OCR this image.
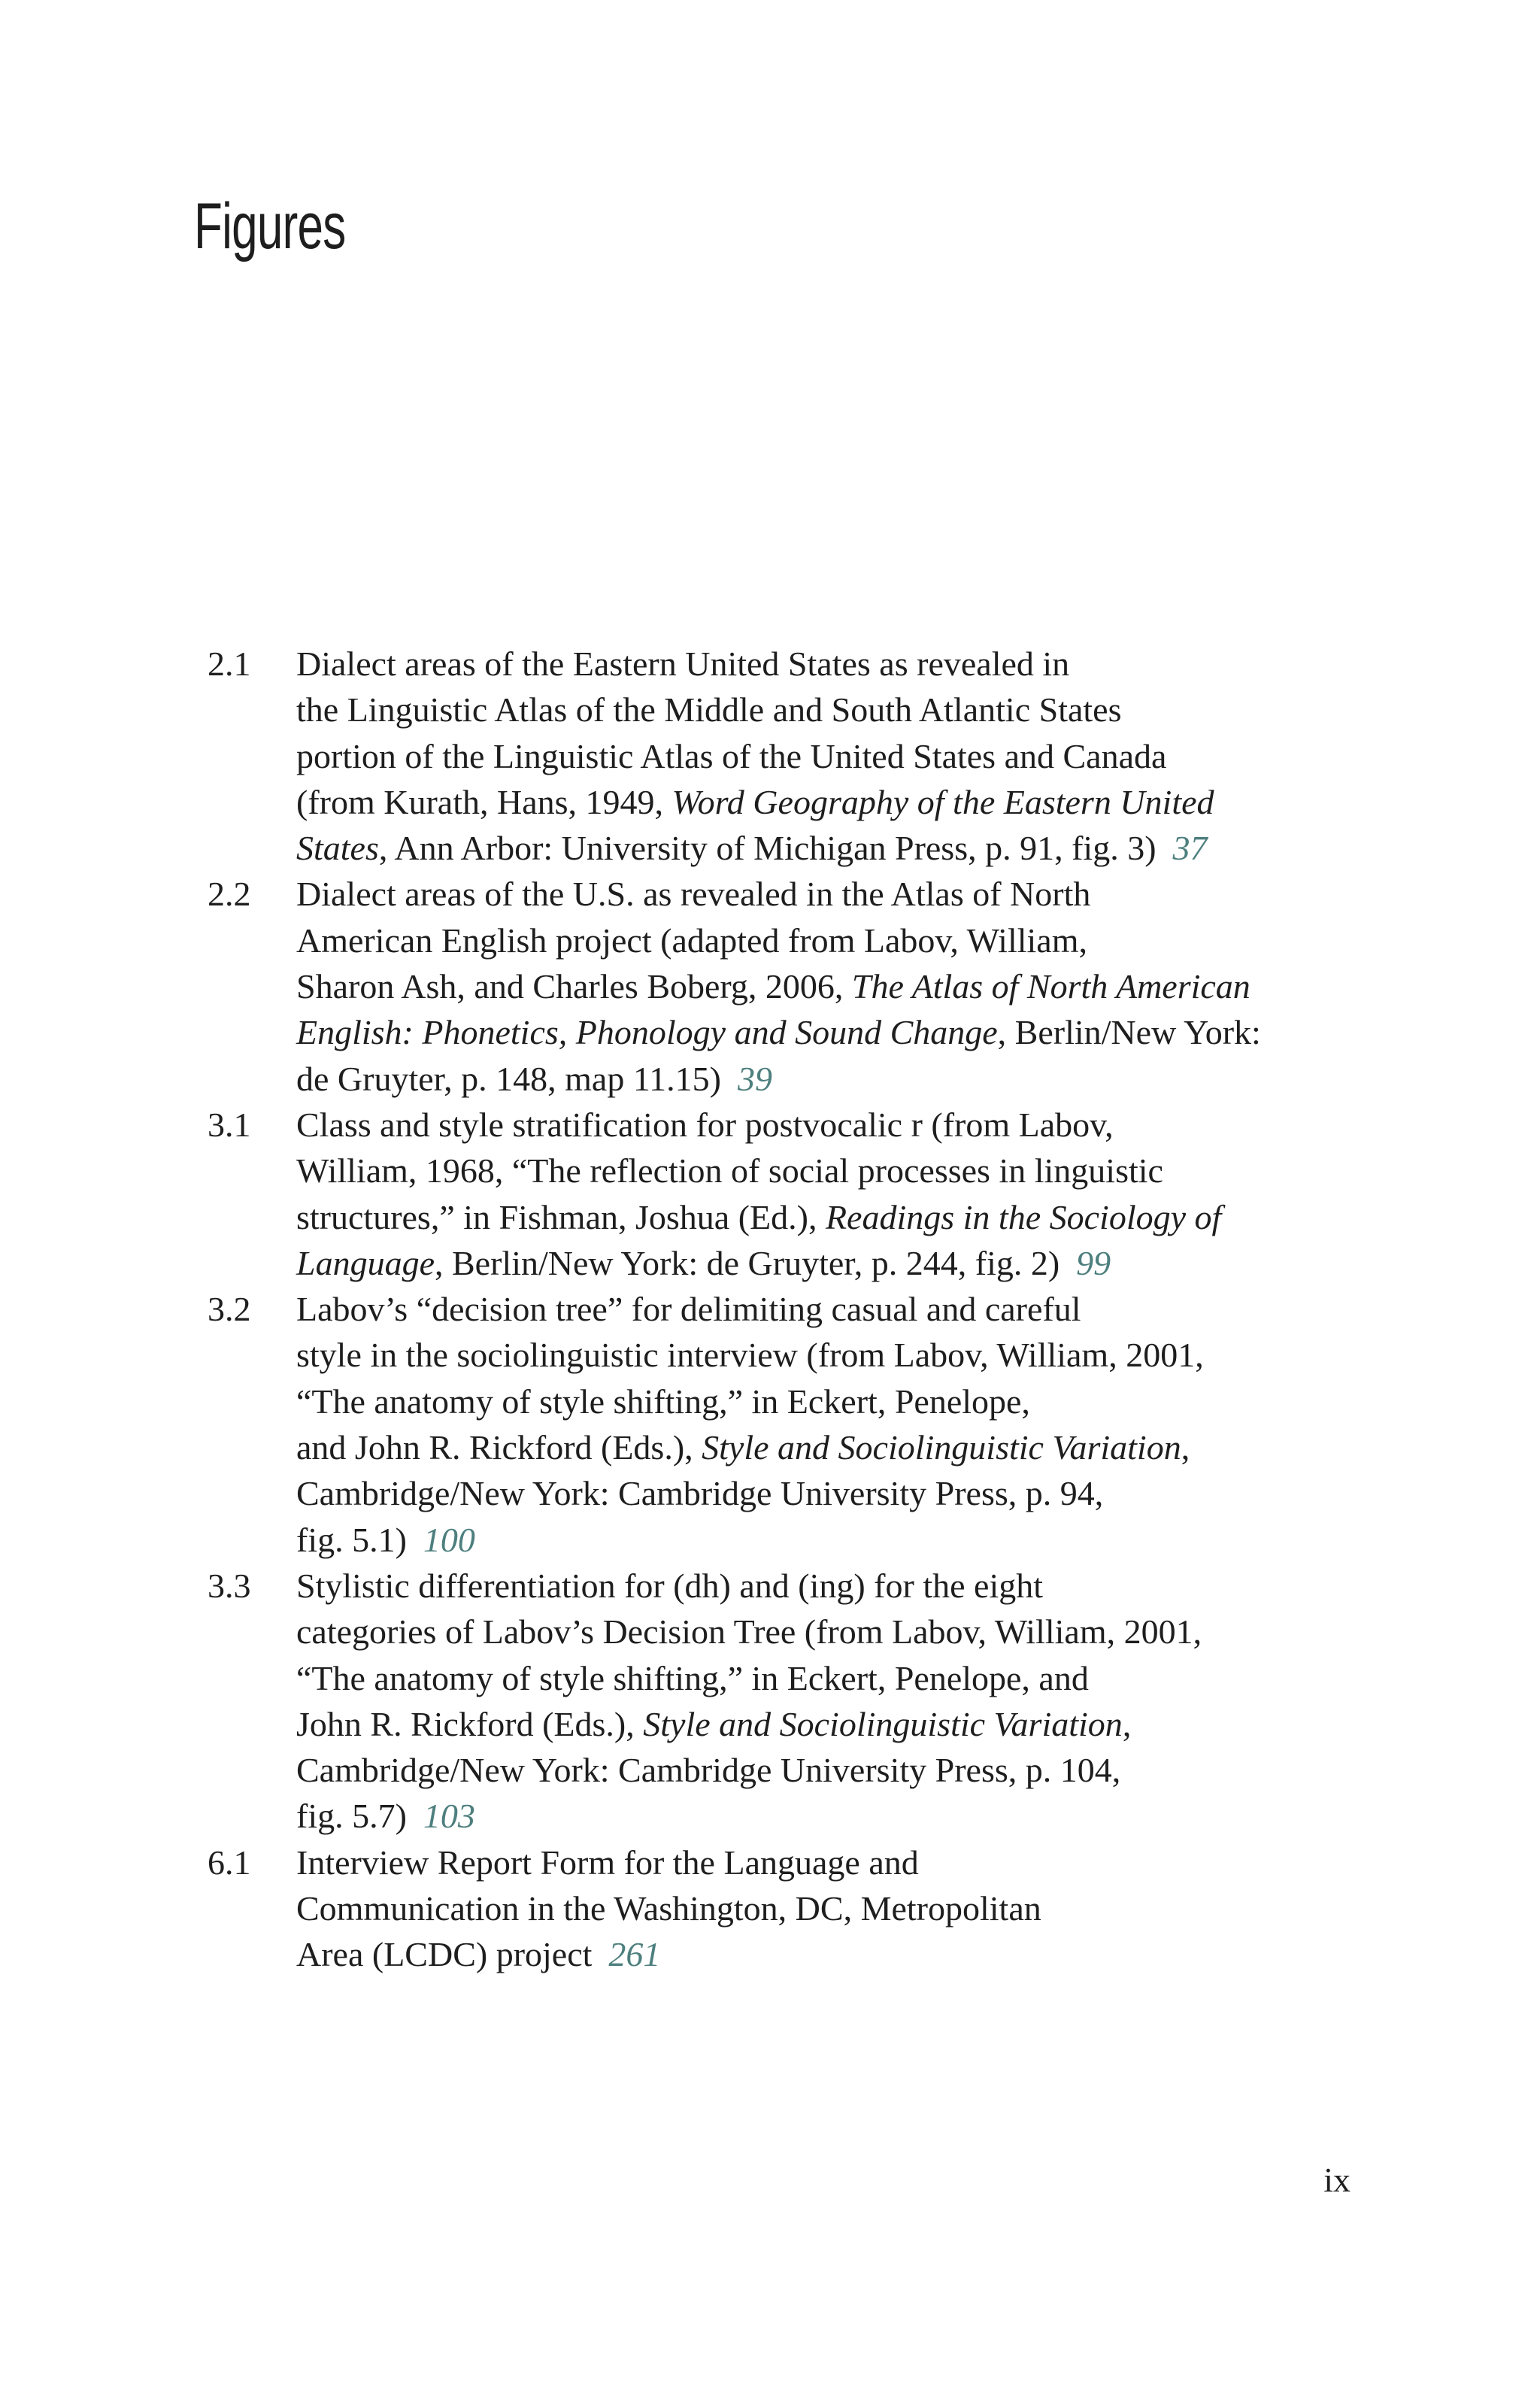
Figures
2.1	Dialect areas of the Eastern United States as revealed in
the Linguistic Atlas of the Middle and South Atlantic States
portion of the Linguistic Atlas of the United States and Canada
(from Kurath, Hans, 1949, Word Geography of the Eastern United
States, Ann Arbor: University of Michigan Press, p. 91, fig. 3) 37
2.2	Dialect areas of the U.S. as revealed in the Atlas of North
American English project (adapted from Labov, William,
Sharon Ash, and Charles Boberg, 2006, The Atlas of North American
English: Phonetics, Phonology and Sound Change, Berlin/New York:
de Gruyter, p. 148, map 11.15) 39
3.1	Class and style stratification for postvocalic r (from Labov,
William, 1968, “The reflection of social processes in linguistic
structures,” in Fishman, Joshua (Ed.), Readings in the Sociology of
Language, Berlin/New York: de Gruyter, p. 244, fig. 2) 99
3.2	Labov’s “decision tree” for delimiting casual and careful
style in the sociolinguistic interview (from Labov, William, 2001,
“The anatomy of style shifting,” in Eckert, Penelope,
and John R. Rickford (Eds.), Style and Sociolinguistic Variation,
Cambridge/New York: Cambridge University Press, p. 94,
fig. 5.1) 100
3.3	Stylistic differentiation for (dh) and (ing) for the eight
categories of Labov’s Decision Tree (from Labov, William, 2001,
“The anatomy of style shifting,” in Eckert, Penelope, and
John R. Rickford (Eds.), Style and Sociolinguistic Variation,
Cambridge/New York: Cambridge University Press, p. 104,
fig. 5.7) 103
6.1	Interview Report Form for the Language and
Communication in the Washington, DC, Metropolitan
Area (LCDC) project 261

ix
